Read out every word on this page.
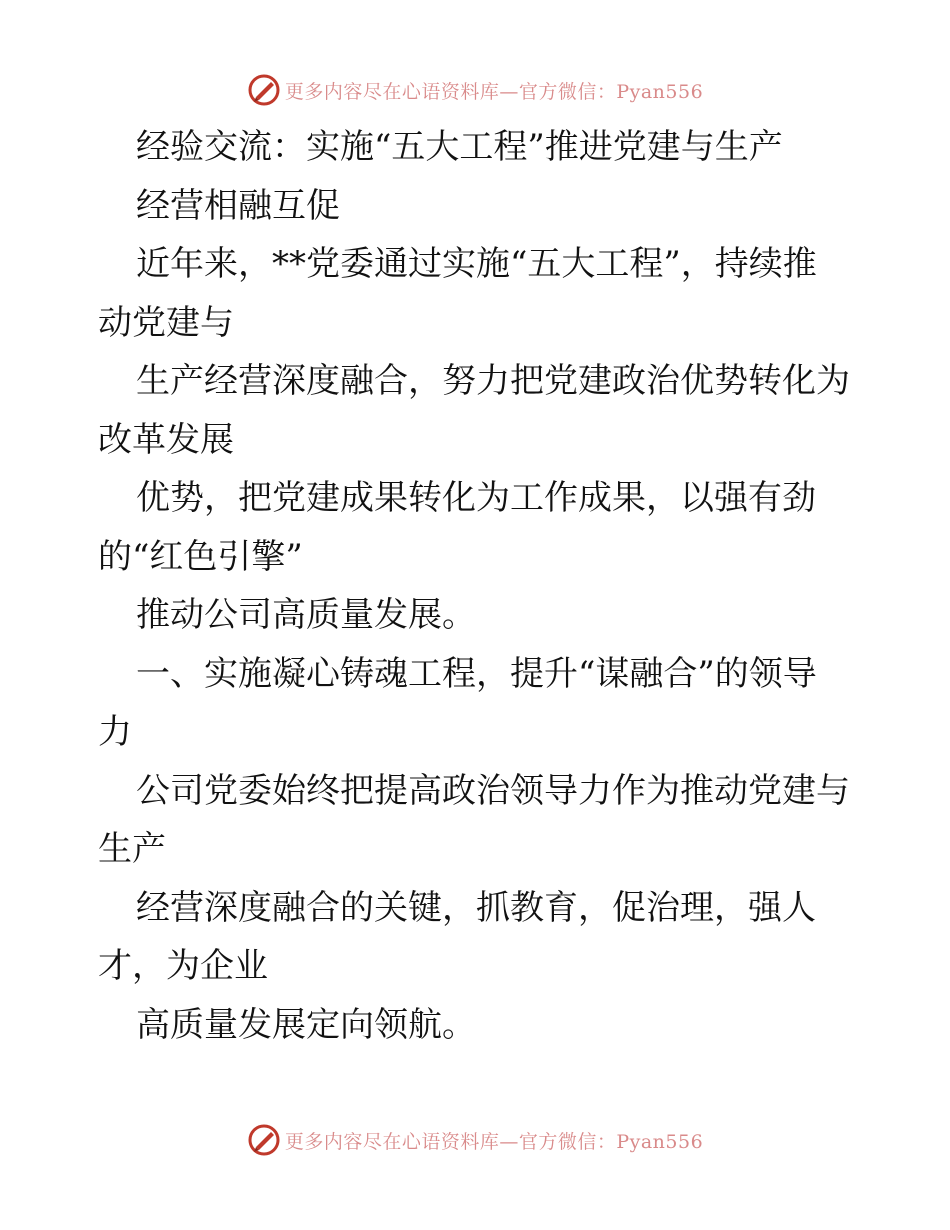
更多内容尽在心语资料库—官方微信：Pyan556
经验交流：实施“五大工程”推进党建与生产
经营相融互促
近年来，**党委通过实施“五大工程”，持续推
动党建与
生产经营深度融合，努力把党建政治优势转化为
改革发展
优势，把党建成果转化为工作成果，以强有劲
的“红色引擎”
推动公司高质量发展。
一、实施凝心铸魂工程，提升“谋融合”的领导
力
公司党委始终把提高政治领导力作为推动党建与
生产
经营深度融合的关键，抓教育，促治理，强人
才，为企业
高质量发展定向领航。
更多内容尽在心语资料库—官方微信：Pyan556
